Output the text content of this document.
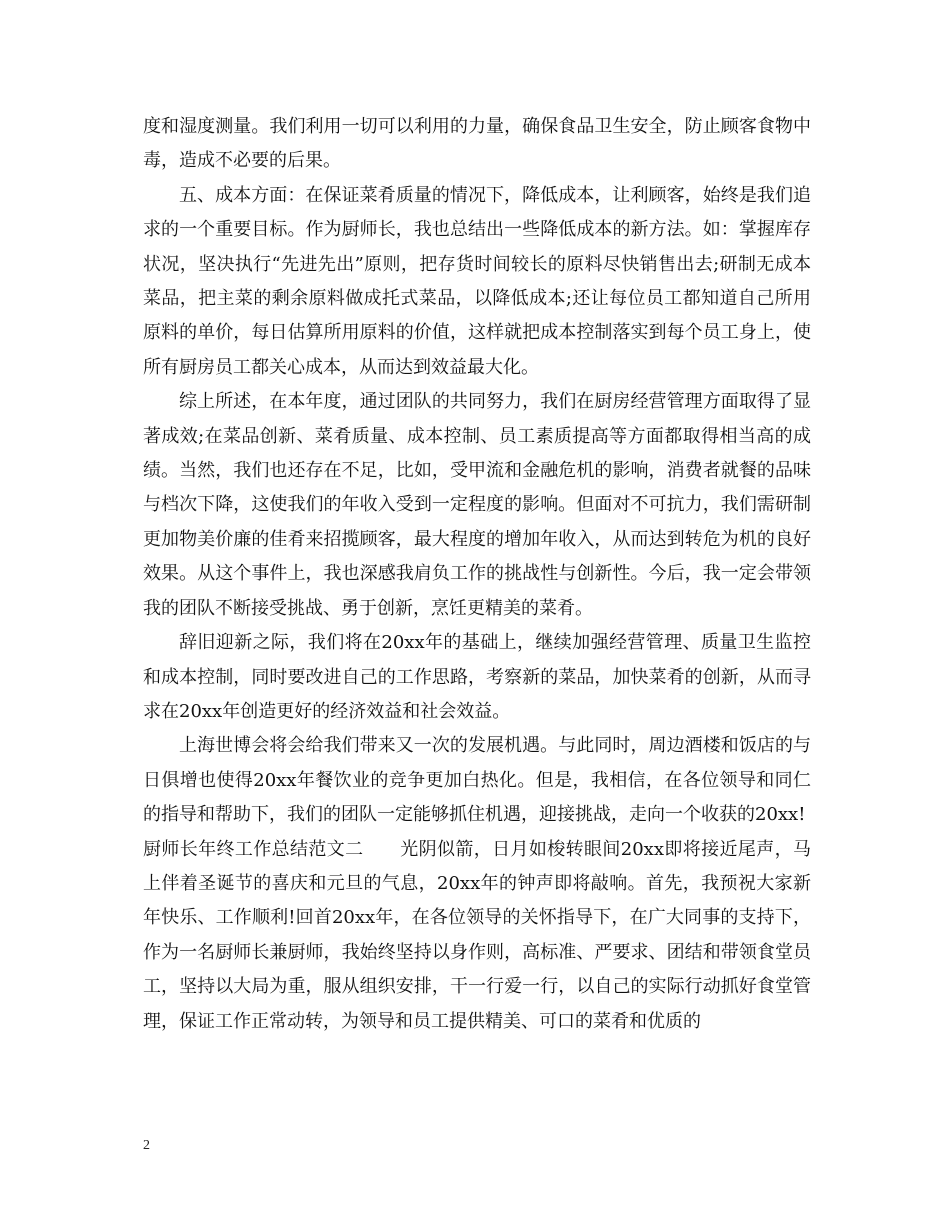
度和湿度测量。我们利用一切可以利用的力量，确保食品卫生安全，防止顾客食物中毒，造成不必要的后果。

五、成本方面：在保证菜肴质量的情况下，降低成本，让利顾客，始终是我们追求的一个重要目标。作为厨师长，我也总结出一些降低成本的新方法。如：掌握库存状况，坚决执行“先进先出”原则，把存货时间较长的原料尽快销售出去;研制无成本菜品，把主菜的剩余原料做成托式菜品，以降低成本;还让每位员工都知道自己所用原料的单价，每日估算所用原料的价值，这样就把成本控制落实到每个员工身上，使所有厨房员工都关心成本，从而达到效益最大化。

综上所述，在本年度，通过团队的共同努力，我们在厨房经营管理方面取得了显著成效;在菜品创新、菜肴质量、成本控制、员工素质提高等方面都取得相当高的成绩。当然，我们也还存在不足，比如，受甲流和金融危机的影响，消费者就餐的品味与档次下降，这使我们的年收入受到一定程度的影响。但面对不可抗力，我们需研制更加物美价廉的佳肴来招揽顾客，最大程度的增加年收入，从而达到转危为机的良好效果。从这个事件上，我也深感我肩负工作的挑战性与创新性。今后，我一定会带领我的团队不断接受挑战、勇于创新，烹饪更精美的菜肴。

辞旧迎新之际，我们将在20xx年的基础上，继续加强经营管理、质量卫生监控和成本控制，同时要改进自己的工作思路，考察新的菜品，加快菜肴的创新，从而寻求在20xx年创造更好的经济效益和社会效益。

上海世博会将会给我们带来又一次的发展机遇。与此同时，周边酒楼和饭店的与日俱增也使得20xx年餐饮业的竞争更加白热化。但是，我相信，在各位领导和同仁的指导和帮助下，我们的团队一定能够抓住机遇，迎接挑战，走向一个收获的20xx!

厨师长年终工作总结范文二　　光阴似箭，日月如梭转眼间20xx即将接近尾声，马上伴着圣诞节的喜庆和元旦的气息，20xx年的钟声即将敲响。首先，我预祝大家新年快乐、工作顺利!回首20xx年，在各位领导的关怀指导下，在广大同事的支持下，作为一名厨师长兼厨师，我始终坚持以身作则，高标准、严要求、团结和带领食堂员工，坚持以大局为重，服从组织安排，干一行爱一行，以自己的实际行动抓好食堂管理，保证工作正常动转，为领导和员工提供精美、可口的菜肴和优质的

2
